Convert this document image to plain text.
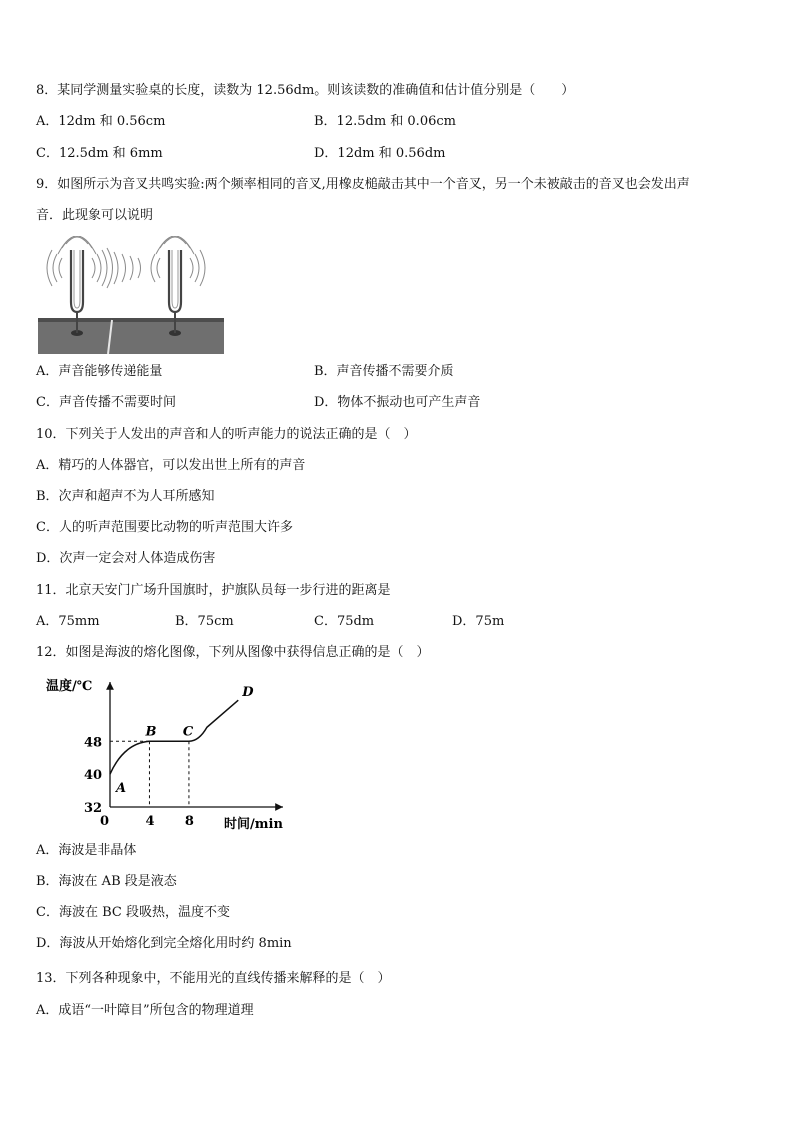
8．某同学测量实验桌的长度，读数为 12.56dm。则该读数的准确值和估计值分别是（　　）
A．12dm 和 0.56cm	B．12.5dm 和 0.06cm
C．12.5dm 和 6mm	D．12dm 和 0.56dm
9．如图所示为音叉共鸣实验:两个频率相同的音叉,用橡皮槌敲击其中一个音叉，另一个未被敲击的音叉也会发出声
音．此现象可以说明
A．声音能够传递能量	B．声音传播不需要介质
C．声音传播不需要时间	D．物体不振动也可产生声音
10．下列关于人发出的声音和人的听声能力的说法正确的是（　）
A．精巧的人体器官，可以发出世上所有的声音
B．次声和超声不为人耳所感知
C．人的听声范围要比动物的听声范围大许多
D．次声一定会对人体造成伤害
11．北京天安门广场升国旗时，护旗队员每一步行进的距离是
A．75mm	B．75cm	C．75dm	D．75m
12．如图是海波的熔化图像，下列从图像中获得信息正确的是（　）
温度/℃
时间/min
32
40
48
0	4 8
A
B C
D
A．海波是非晶体
B．海波在 AB 段是液态
C．海波在 BC 段吸热，温度不变
D．海波从开始熔化到完全熔化用时约 8min
13．下列各种现象中，不能用光的直线传播来解释的是（　）
A．成语“一叶障目”所包含的物理道理
